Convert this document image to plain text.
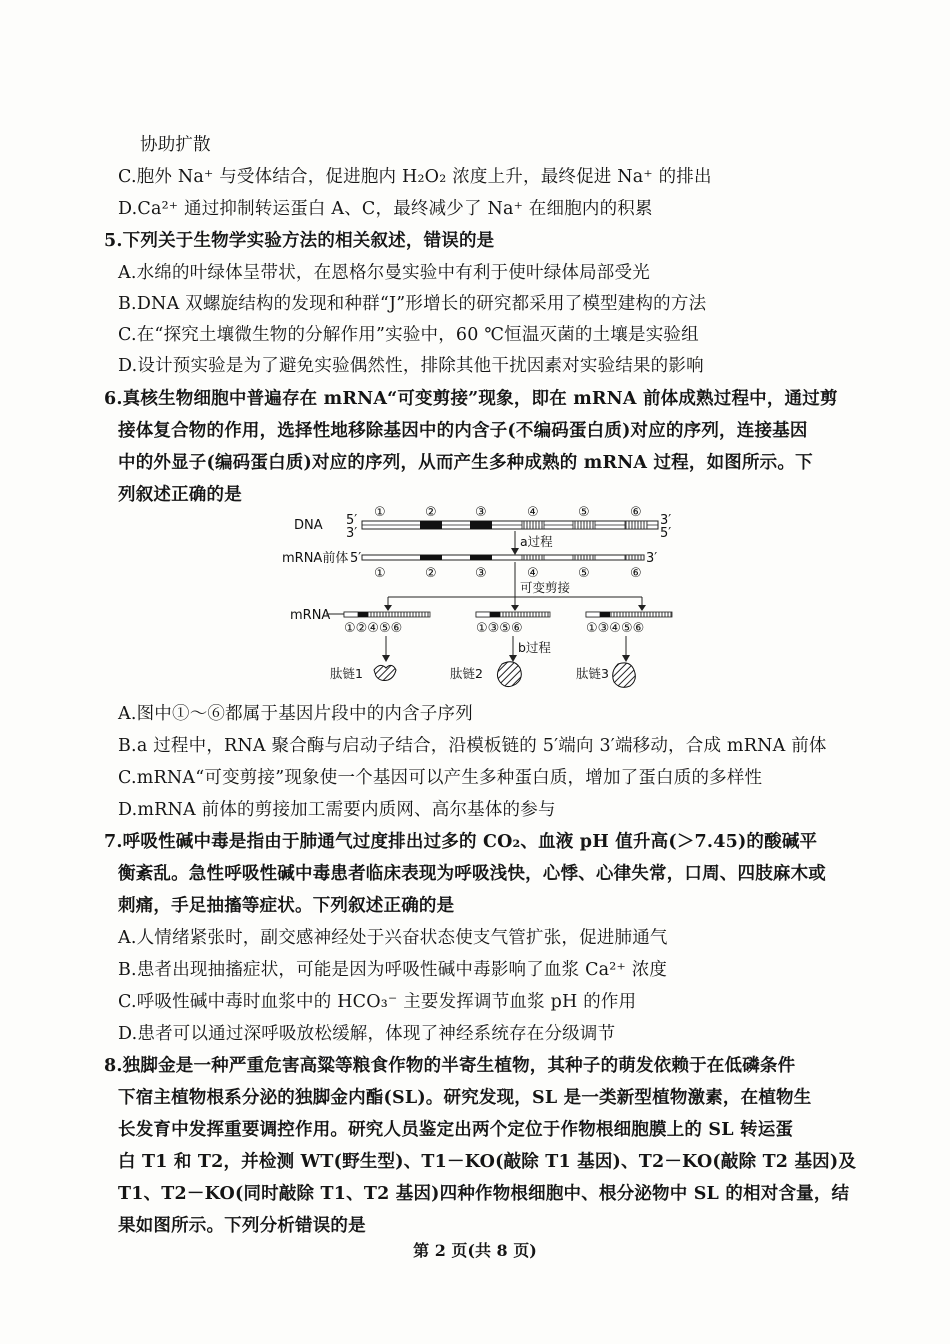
协助扩散
C.胞外 Na⁺ 与受体结合，促进胞内 H₂O₂ 浓度上升，最终促进 Na⁺ 的排出
D.Ca²⁺ 通过抑制转运蛋白 A、C，最终减少了 Na⁺ 在细胞内的积累
5.下列关于生物学实验方法的相关叙述，错误的是
A.水绵的叶绿体呈带状，在恩格尔曼实验中有利于使叶绿体局部受光
B.DNA 双螺旋结构的发现和种群“J”形增长的研究都采用了模型建构的方法
C.在“探究土壤微生物的分解作用”实验中，60 ℃恒温灭菌的土壤是实验组
D.设计预实验是为了避免实验偶然性，排除其他干扰因素对实验结果的影响
6.真核生物细胞中普遍存在 mRNA“可变剪接”现象，即在 mRNA 前体成熟过程中，通过剪
接体复合物的作用，选择性地移除基因中的内含子(不编码蛋白质)对应的序列，连接基因
中的外显子(编码蛋白质)对应的序列，从而产生多种成熟的 mRNA 过程，如图所示。下
列叙述正确的是
DNA 5′
3′
3′
5′
①	②	③	④	⑤	⑥
a过程
mRNA前体 5′	3′
①	②	③	④	⑤	⑥
可变剪接
mRNA
①②④⑤⑥	①③⑤⑥	①③④⑤⑥
b过程
肽链1	肽链2	肽链3
A.图中①～⑥都属于基因片段中的内含子序列
B.a 过程中，RNA 聚合酶与启动子结合，沿模板链的 5′端向 3′端移动，合成 mRNA 前体
C.mRNA“可变剪接”现象使一个基因可以产生多种蛋白质，增加了蛋白质的多样性
D.mRNA 前体的剪接加工需要内质网、高尔基体的参与
7.呼吸性碱中毒是指由于肺通气过度排出过多的 CO₂、血液 pH 值升高(＞7.45)的酸碱平
衡紊乱。急性呼吸性碱中毒患者临床表现为呼吸浅快，心悸、心律失常，口周、四肢麻木或
刺痛，手足抽搐等症状。下列叙述正确的是
A.人情绪紧张时，副交感神经处于兴奋状态使支气管扩张，促进肺通气
B.患者出现抽搐症状，可能是因为呼吸性碱中毒影响了血浆 Ca²⁺ 浓度
C.呼吸性碱中毒时血浆中的 HCO₃⁻ 主要发挥调节血浆 pH 的作用
D.患者可以通过深呼吸放松缓解，体现了神经系统存在分级调节
8.独脚金是一种严重危害高粱等粮食作物的半寄生植物，其种子的萌发依赖于在低磷条件
下宿主植物根系分泌的独脚金内酯(SL)。研究发现，SL 是一类新型植物激素，在植物生
长发育中发挥重要调控作用。研究人员鉴定出两个定位于作物根细胞膜上的 SL 转运蛋
白 T1 和 T2，并检测 WT(野生型)、T1－KO(敲除 T1 基因)、T2－KO(敲除 T2 基因)及
T1、T2－KO(同时敲除 T1、T2 基因)四种作物根细胞中、根分泌物中 SL 的相对含量，结
果如图所示。下列分析错误的是
第 2 页(共 8 页)
